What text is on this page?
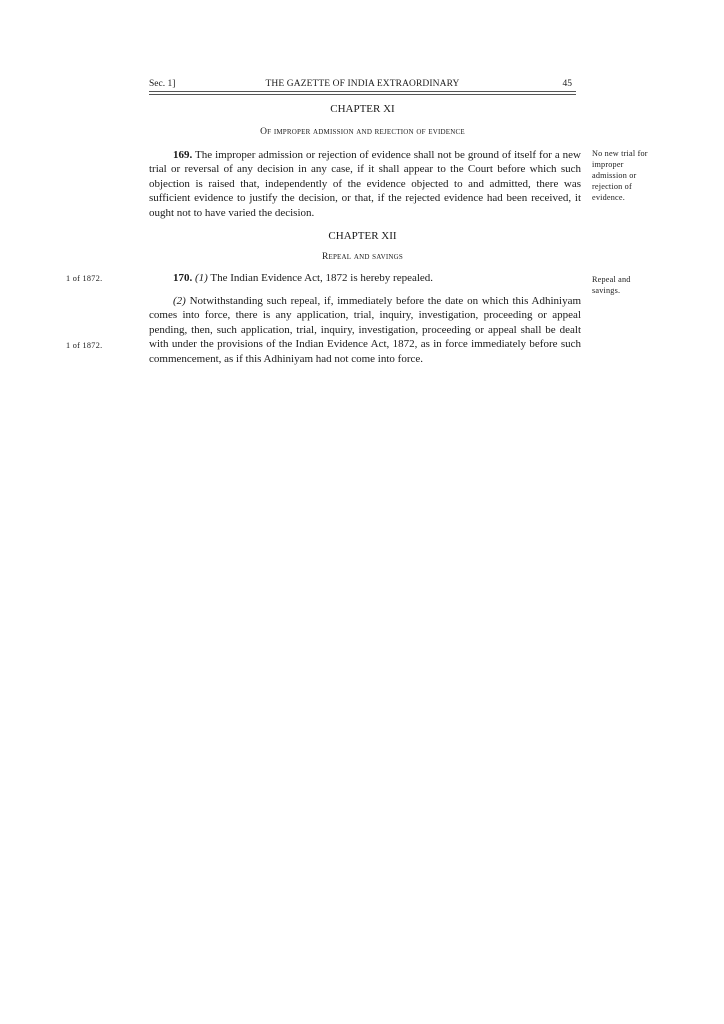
Sec. 1]	THE GAZETTE OF INDIA EXTRAORDINARY	45
CHAPTER XI
Of improper admission and rejection of evidence

169. The improper admission or rejection of evidence shall not be ground of itself for a new trial or reversal of any decision in any case, if it shall appear to the Court before which such objection is raised that, independently of the evidence objected to and admitted, there was sufficient evidence to justify the decision, or that, if the rejected evidence had been received, it ought not to have varied the decision.

No new trial for improper admission or rejection of evidence.
CHAPTER XII
Repeal and savings

170. (1) The Indian Evidence Act, 1872 is hereby repealed.

(2) Notwithstanding such repeal, if, immediately before the date on which this Adhiniyam comes into force, there is any application, trial, inquiry, investigation, proceeding or appeal pending, then, such application, trial, inquiry, investigation, proceeding or appeal shall be dealt with under the provisions of the Indian Evidence Act, 1872, as in force immediately before such commencement, as if this Adhiniyam had not come into force.

Repeal and savings.
1 of 1872.
1 of 1872.
